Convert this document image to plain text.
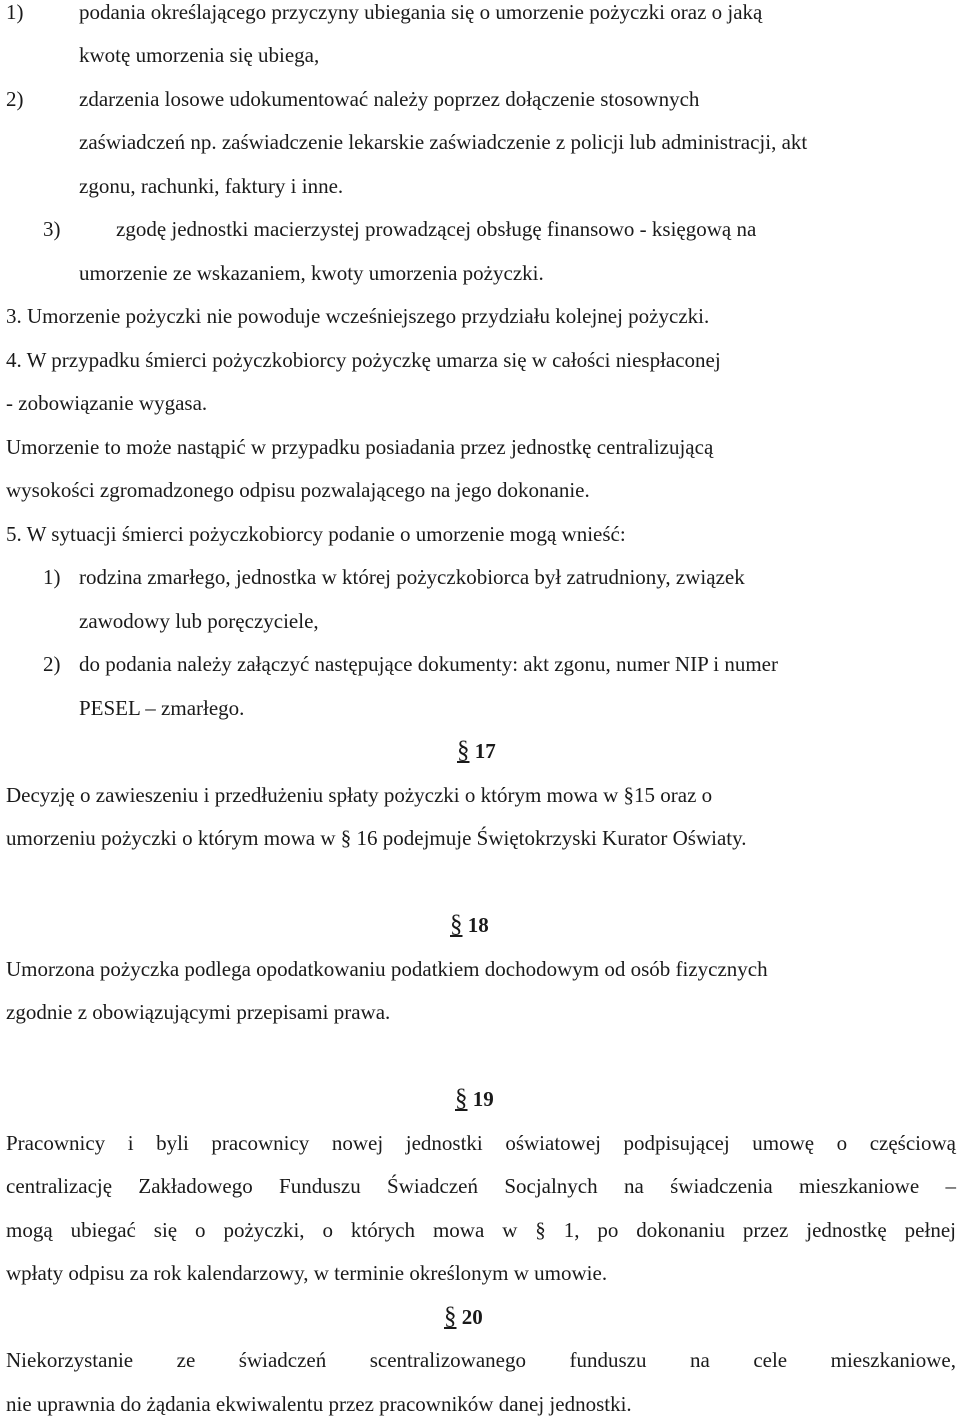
1)	podania określającego przyczyny ubiegania się o umorzenie pożyczki oraz o jaką
kwotę umorzenia się ubiega,
2)	zdarzenia losowe udokumentować należy poprzez dołączenie stosownych
zaświadczeń np. zaświadczenie lekarskie zaświadczenie z policji lub administracji, akt
zgonu, rachunki, faktury i inne.
3)	zgodę jednostki macierzystej prowadzącej obsługę finansowo - księgową na
umorzenie ze wskazaniem, kwoty umorzenia pożyczki.
3. Umorzenie pożyczki nie powoduje wcześniejszego przydziału kolejnej pożyczki.
4. W przypadku śmierci pożyczkobiorcy pożyczkę umarza się w całości niespłaconej
- zobowiązanie wygasa.
Umorzenie to może nastąpić w przypadku posiadania przez jednostkę centralizującą
wysokości zgromadzonego odpisu pozwalającego na jego dokonanie.
5. W sytuacji śmierci pożyczkobiorcy podanie o umorzenie mogą wnieść:
1) rodzina zmarłego, jednostka w której pożyczkobiorca był zatrudniony, związek
zawodowy lub poręczyciele,
2) do podania należy załączyć następujące dokumenty: akt zgonu, numer NIP i numer
PESEL – zmarłego.
§ 17
Decyzję o zawieszeniu i przedłużeniu spłaty pożyczki o którym mowa w §15 oraz o
umorzeniu pożyczki o którym mowa w § 16 podejmuje Świętokrzyski Kurator Oświaty.
§ 18
Umorzona pożyczka podlega opodatkowaniu podatkiem dochodowym od osób fizycznych
zgodnie z obowiązującymi przepisami prawa.
§ 19
Pracownicy i byli pracownicy nowej jednostki oświatowej podpisującej umowę o częściową
centralizację Zakładowego Funduszu Świadczeń Socjalnych na świadczenia mieszkaniowe –
mogą ubiegać się o pożyczki, o których mowa w § 1, po dokonaniu przez jednostkę pełnej
wpłaty odpisu za rok kalendarzowy, w terminie określonym w umowie.
§ 20
Niekorzystanie ze świadczeń scentralizowanego funduszu na cele mieszkaniowe,
nie uprawnia do żądania ekwiwalentu przez pracowników danej jednostki.
